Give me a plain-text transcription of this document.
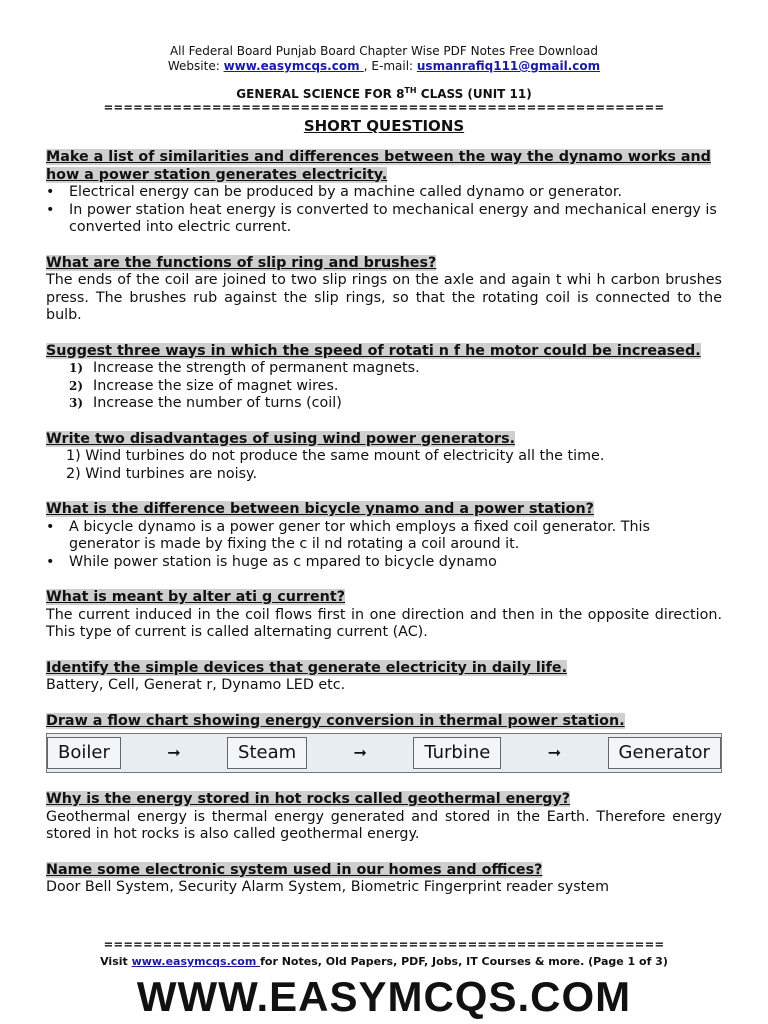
All Federal Board Punjab Board Chapter Wise PDF Notes Free Download
Website: www.easymcqs.com , E-mail: usmanrafiq111@gmail.com
GENERAL SCIENCE FOR 8TH CLASS (UNIT 11)
=========================================================
SHORT QUESTIONS
Make a list of similarities and differences between the way the dynamo works and how a power station generates electricity.
• Electrical energy can be produced by a machine called dynamo or generator.
• In power station heat energy is converted to mechanical energy and mechanical energy is converted into electric current.
What are the functions of slip ring and brushes?
The ends of the coil are joined to two slip rings on the axle and again t whi h carbon brushes press. The brushes rub against the slip rings, so that the rotating coil is connected to the bulb.
Suggest three ways in which the speed of rotati n f he motor could be increased.
1) Increase the strength of permanent magnets.
2) Increase the size of magnet wires.
3) Increase the number of turns (coil)
Write two disadvantages of using wind power generators.
1) Wind turbines do not produce the same mount of electricity all the time.
2) Wind turbines are noisy.
What is the difference between bicycle ynamo and a power station?
• A bicycle dynamo is a power gener tor which employs a fixed coil generator. This generator is made by fixing the c il nd rotating a coil around it.
• While power station is huge as c mpared to bicycle dynamo
What is meant by alter ati g current?
The current induced in the coil flows first in one direction and then in the opposite direction. This type of current is called alternating current (AC).
Identify the simple devices that generate electricity in daily life.
Battery, Cell, Generat r, Dynamo LED etc.
Draw a flow chart showing energy conversion in thermal power station.
Boiler	➞	Steam	➞	Turbine	➞	Generator
Why is the energy stored in hot rocks called geothermal energy?
Geothermal energy is thermal energy generated and stored in the Earth. Therefore energy stored in hot rocks is also called geothermal energy.
Name some electronic system used in our homes and offices?
Door Bell System, Security Alarm System, Biometric Fingerprint reader system
=========================================================
Visit www.easymcqs.com for Notes, Old Papers, PDF, Jobs, IT Courses & more. (Page 1 of 3)
WWW.EASYMCQS.COM
